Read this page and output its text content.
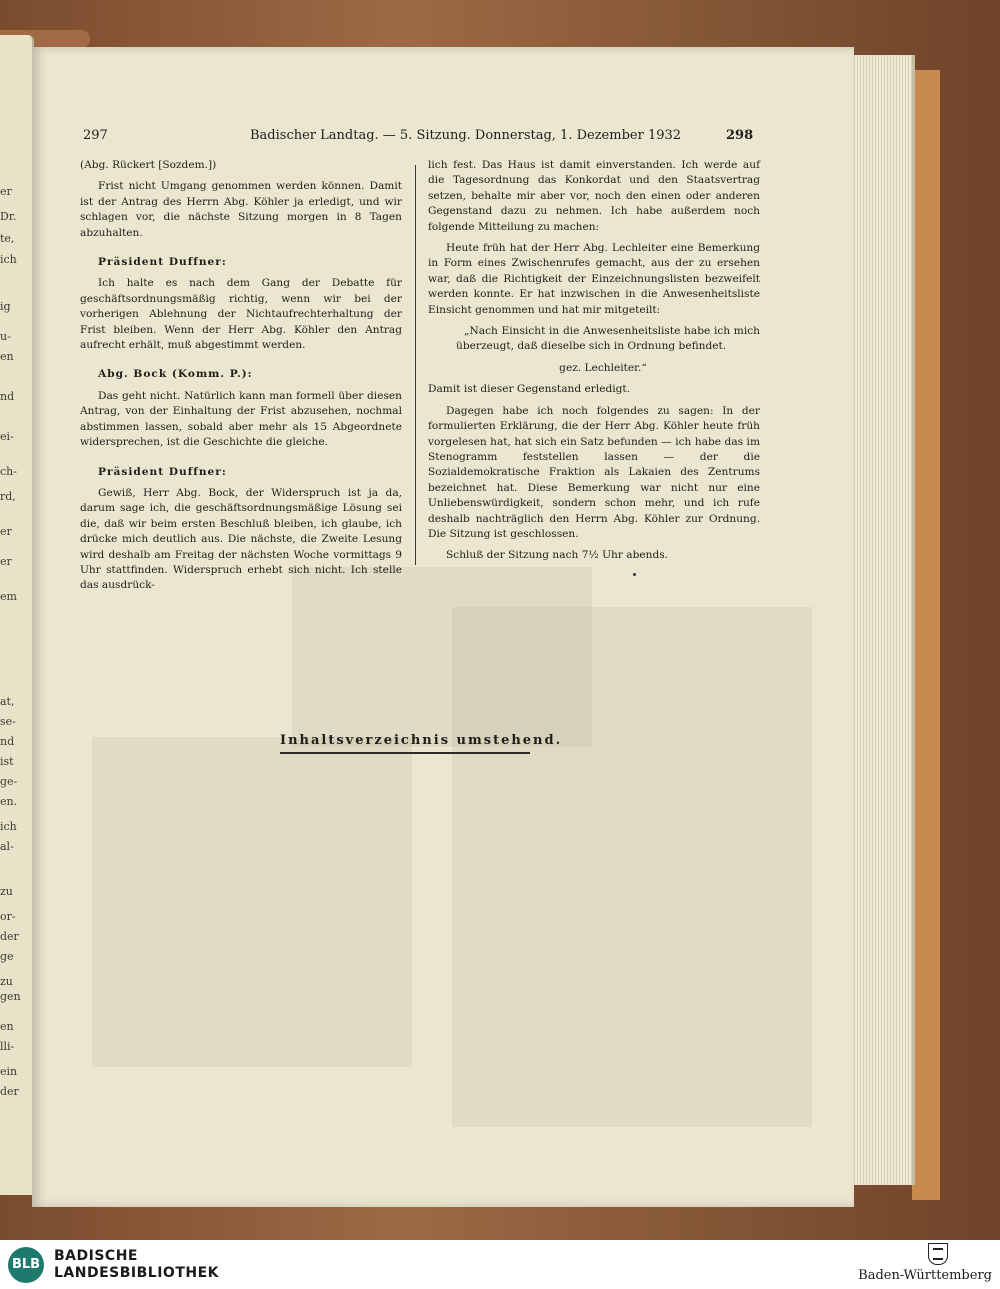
er
Dr.
te,
ich
ig
u-
en
nd
ei-
ch-
rd,
er
er
em
at,
se-
nd
ist
ge-
en.
ich
al-
zu
or-
der
ge
zu
gen
en
lli-
ein
der
297	Badischer Landtag. — 5. Sitzung. Donnerstag, 1. Dezember 1932	298

(Abg. Rückert [Sozdem.])

Frist nicht Umgang genommen werden können. Damit ist der Antrag des Herrn Abg. Köhler ja erledigt, und wir schlagen vor, die nächste Sitzung morgen in 8 Tagen abzuhalten.

Präsident Duffner:

Ich halte es nach dem Gang der Debatte für geschäftsordnungsmäßig richtig, wenn wir bei der vorherigen Ablehnung der Nichtaufrechterhaltung der Frist bleiben. Wenn der Herr Abg. Köhler den Antrag aufrecht erhält, muß abgestimmt werden.

Abg. Bock (Komm. P.):

Das geht nicht. Natürlich kann man formell über diesen Antrag, von der Einhaltung der Frist abzusehen, nochmal abstimmen lassen, sobald aber mehr als 15 Abgeordnete widersprechen, ist die Geschichte die gleiche.

Präsident Duffner:

Gewiß, Herr Abg. Bock, der Widerspruch ist ja da, darum sage ich, die geschäftsordnungsmäßige Lösung sei die, daß wir beim ersten Beschluß bleiben, ich glaube, ich drücke mich deutlich aus. Die nächste, die Zweite Lesung wird deshalb am Freitag der nächsten Woche vormittags 9 Uhr stattfinden. Widerspruch erhebt sich nicht. Ich stelle das ausdrück-

lich fest. Das Haus ist damit einverstanden. Ich werde auf die Tagesordnung das Konkordat und den Staatsvertrag setzen, behalte mir aber vor, noch den einen oder anderen Gegenstand dazu zu nehmen. Ich habe außerdem noch folgende Mitteilung zu machen:

Heute früh hat der Herr Abg. Lechleiter eine Bemerkung in Form eines Zwischenrufes gemacht, aus der zu ersehen war, daß die Richtigkeit der Einzeichnungslisten bezweifelt werden konnte. Er hat inzwischen in die Anwesenheitsliste Einsicht genommen und hat mir mitgeteilt:

„Nach Einsicht in die Anwesenheitsliste habe ich mich überzeugt, daß dieselbe sich in Ordnung befindet.

gez. Lechleiter.“

Damit ist dieser Gegenstand erledigt.

Dagegen habe ich noch folgendes zu sagen: In der formulierten Erklärung, die der Herr Abg. Köhler heute früh vorgelesen hat, hat sich ein Satz befunden — ich habe das im Stenogramm feststellen lassen — der die Sozialdemokratische Fraktion als Lakaien des Zentrums bezeichnet hat. Diese Bemerkung war nicht nur eine Unliebenswürdigkeit, sondern schon mehr, und ich rufe deshalb nachträglich den Herrn Abg. Köhler zur Ordnung. Die Sitzung ist geschlossen.

Schluß der Sitzung nach 7½ Uhr abends.

Inhaltsverzeichnis umstehend.
BLB
BADISCHE
LANDESBIBLIOTHEK	Baden-Württemberg
